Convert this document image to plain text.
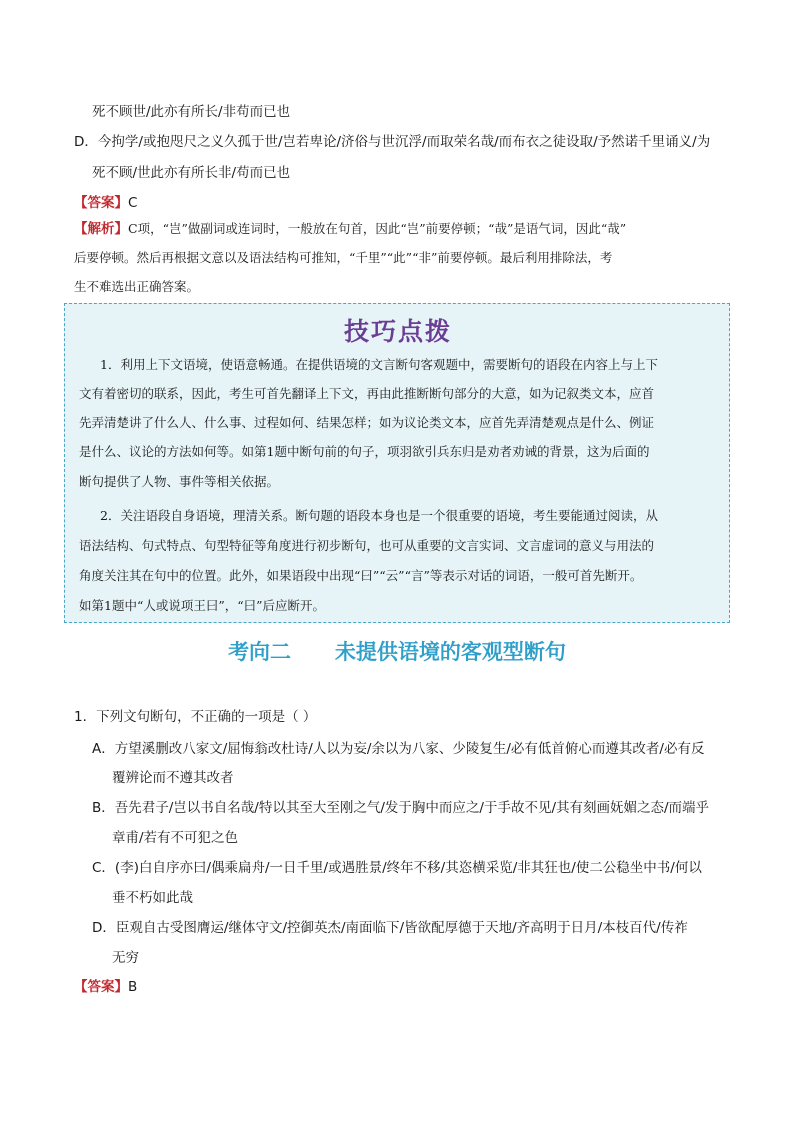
死不顾世/此亦有所长/非苟而已也
D．今拘学/或抱咫尺之义久孤于世/岂若卑论/济俗与世沉浮/而取荣名哉/而布衣之徒设取/予然诺千里诵义/为
死不顾/世此亦有所长非/苟而已也
【答案】C
【解析】C项，“岂”做副词或连词时，一般放在句首，因此“岂”前要停顿；“哉”是语气词，因此“哉”
后要停顿。然后再根据文意以及语法结构可推知，“千里”“此”“非”前要停顿。最后利用排除法，考
生不难选出正确答案。
技巧点拨
1．利用上下文语境，使语意畅通。在提供语境的文言断句客观题中，需要断句的语段在内容上与上下
文有着密切的联系，因此，考生可首先翻译上下文，再由此推断断句部分的大意，如为记叙类文本，应首
先弄清楚讲了什么人、什么事、过程如何、结果怎样；如为议论类文本，应首先弄清楚观点是什么、例证
是什么、议论的方法如何等。如第1题中断句前的句子，项羽欲引兵东归是劝者劝诫的背景，这为后面的
断句提供了人物、事件等相关依据。
2．关注语段自身语境，理清关系。断句题的语段本身也是一个很重要的语境，考生要能通过阅读，从
语法结构、句式特点、句型特征等角度进行初步断句，也可从重要的文言实词、文言虚词的意义与用法的
角度关注其在句中的位置。此外，如果语段中出现“曰”“云”“言”等表示对话的词语，一般可首先断开。
如第1题中“人或说项王曰”，“曰”后应断开。
考向二      未提供语境的客观型断句
1．下列文句断句，不正确的一项是（ ）
A．方望溪删改八家文/屈悔翁改杜诗/人以为妄/余以为八家、少陵复生/必有低首俯心而遵其改者/必有反
覆辨论而不遵其改者
B．吾先君子/岂以书自名哉/特以其至大至刚之气/发于胸中而应之/于手故不见/其有刻画妩媚之态/而端乎
章甫/若有不可犯之色
C．(李)白自序亦曰/偶乘扁舟/一日千里/或遇胜景/终年不移/其恣横采览/非其狂也/使二公稳坐中书/何以
垂不朽如此哉
D．臣观自古受图膺运/继体守文/控御英杰/南面临下/皆欲配厚德于天地/齐高明于日月/本枝百代/传祚
无穷
【答案】B
